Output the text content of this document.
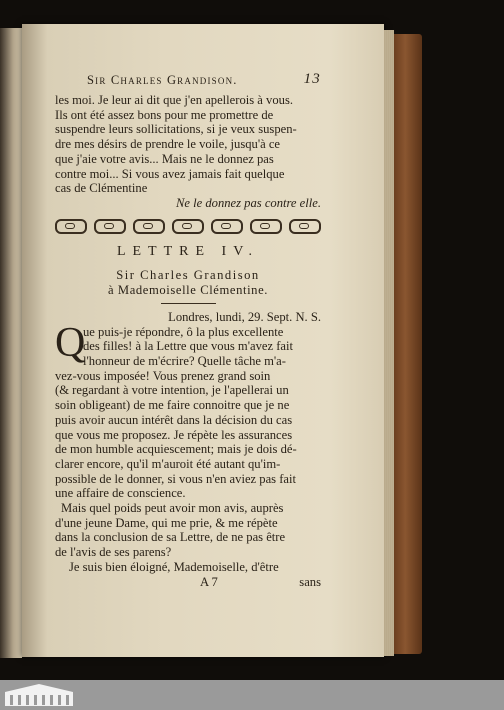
Sir Charles Grandison.	13
les moi. Je leur ai dit que j'en apellerois à vous.
Ils ont été assez bons pour me promettre de
suspendre leurs sollicitations, si je veux suspen-
dre mes désirs de prendre le voile, jusqu'à ce
que j'aie votre avis... Mais ne le donnez pas
contre moi... Si vous avez jamais fait quelque
cas de Clémentine
Ne le donnez pas contre elle.
LETTRE IV.
Sir Charles Grandison
à Mademoiselle Clémentine.
Londres, lundi, 29. Sept. N. S.
Q
ue puis-je répondre, ô la plus excellente
des filles! à la Lettre que vous m'avez fait
l'honneur de m'écrire? Quelle tâche m'a-
vez-vous imposée! Vous prenez grand soin
(& regardant à votre intention, je l'apellerai un
soin obligeant) de me faire connoitre que je ne
puis avoir aucun intérêt dans la décision du cas
que vous me proposez. Je répète les assurances
de mon humble acquiescement; mais je dois dé-
clarer encore, qu'il m'auroit été autant qu'im-
possible de le donner, si vous n'en aviez pas fait
une affaire de conscience.
Mais quel poids peut avoir mon avis, auprès
d'une jeune Dame, qui me prie, & me répète
dans la conclusion de sa Lettre, de ne pas être
de l'avis de ses parens?
Je suis bien éloigné, Mademoiselle, d'être
A 7	sans
